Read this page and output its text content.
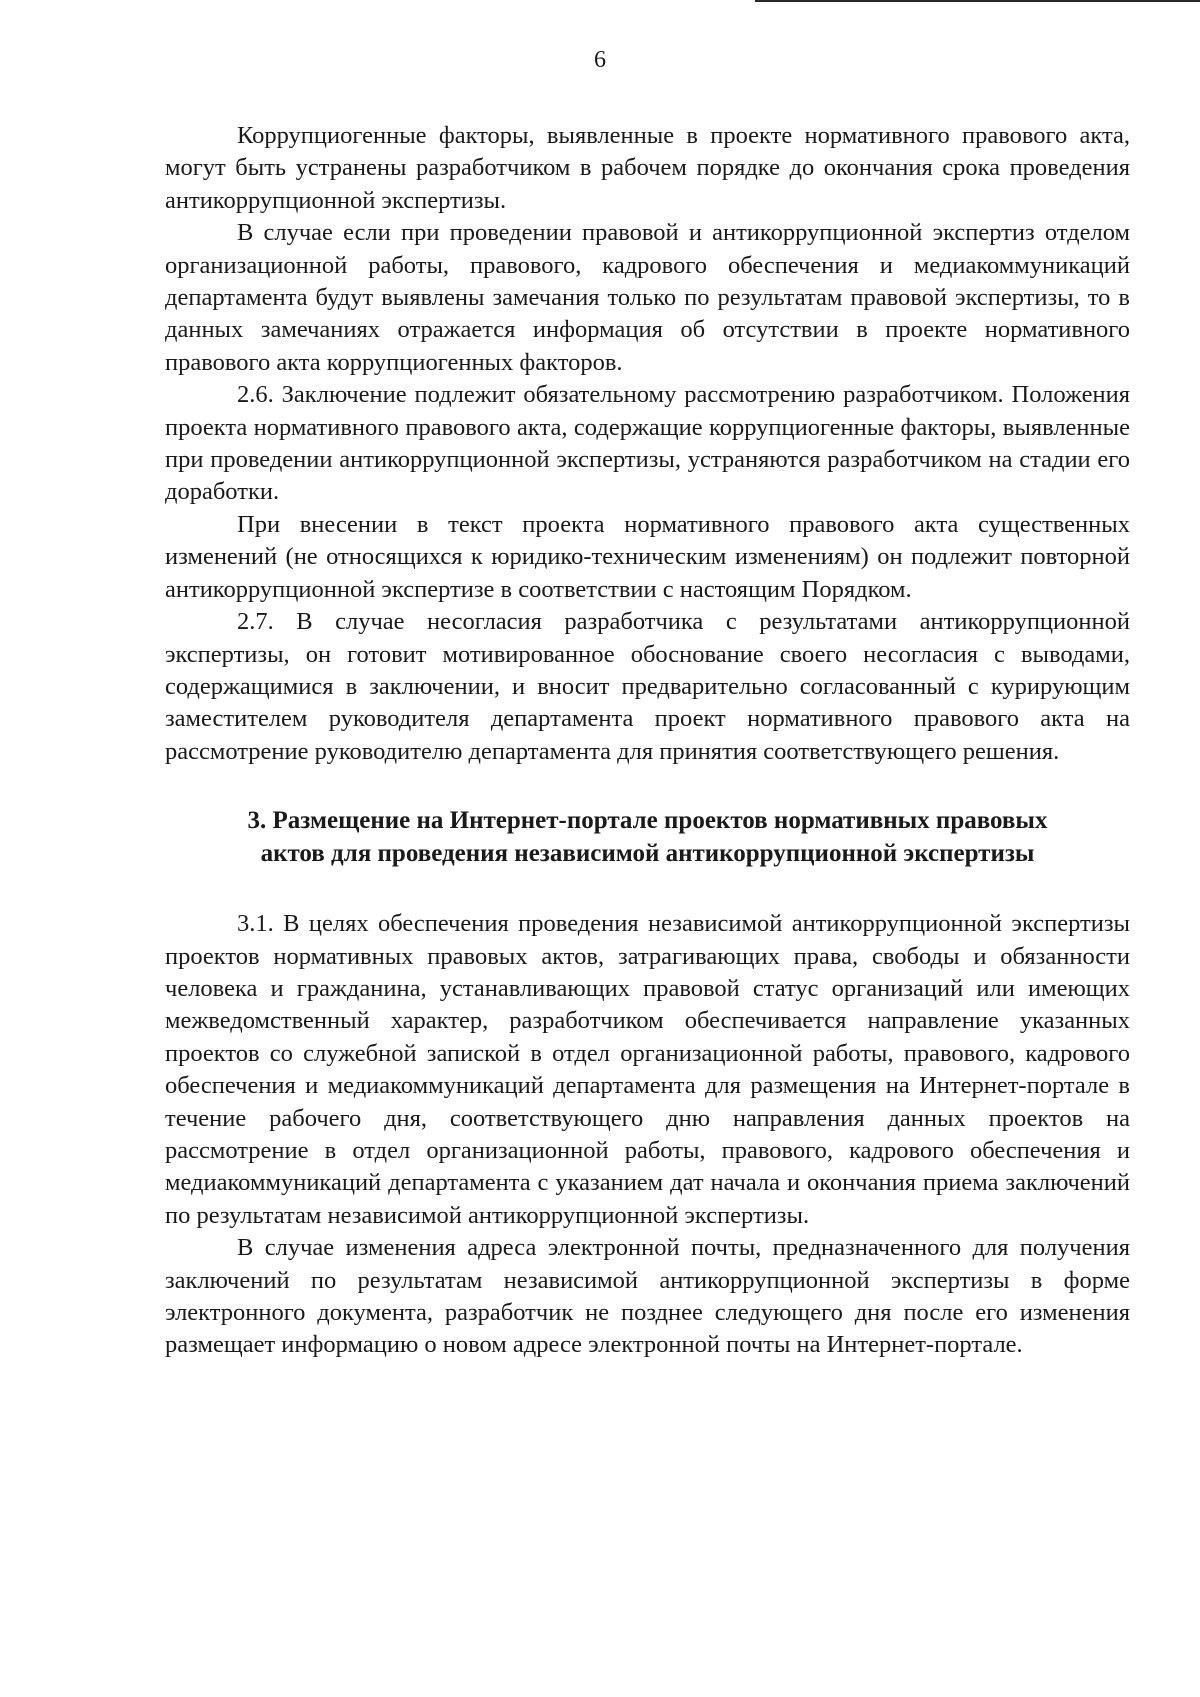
6

Коррупциогенные факторы, выявленные в проекте нормативного правового акта, могут быть устранены разработчиком в рабочем порядке до окончания срока проведения антикоррупционной экспертизы.

В случае если при проведении правовой и антикоррупционной экспертиз отделом организационной работы, правового, кадрового обеспечения и медиакоммуникаций департамента будут выявлены замечания только по результатам правовой экспертизы, то в данных замечаниях отражается информация об отсутствии в проекте нормативного правового акта коррупциогенных факторов.

2.6. Заключение подлежит обязательному рассмотрению разработчиком. Положения проекта нормативного правового акта, содержащие коррупциогенные факторы, выявленные при проведении антикоррупционной экспертизы, устраняются разработчиком на стадии его доработки.

При внесении в текст проекта нормативного правового акта существенных изменений (не относящихся к юридико-техническим изменениям) он подлежит повторной антикоррупционной экспертизе в соответствии с настоящим Порядком.

2.7. В случае несогласия разработчика с результатами антикоррупционной экспертизы, он готовит мотивированное обоснование своего несогласия с выводами, содержащимися в заключении, и вносит предварительно согласованный с курирующим заместителем руководителя департамента проект нормативного правового акта на рассмотрение руководителю департамента для принятия соответствующего решения.

3. Размещение на Интернет-портале проектов нормативных правовых актов для проведения независимой антикоррупционной экспертизы

3.1. В целях обеспечения проведения независимой антикоррупционной экспертизы проектов нормативных правовых актов, затрагивающих права, свободы и обязанности человека и гражданина, устанавливающих правовой статус организаций или имеющих межведомственный характер, разработчиком обеспечивается направление указанных проектов со служебной запиской в отдел организационной работы, правового, кадрового обеспечения и медиакоммуникаций департамента для размещения на Интернет-портале в течение рабочего дня, соответствующего дню направления данных проектов на рассмотрение в отдел организационной работы, правового, кадрового обеспечения и медиакоммуникаций департамента с указанием дат начала и окончания приема заключений по результатам независимой антикоррупционной экспертизы.

В случае изменения адреса электронной почты, предназначенного для получения заключений по результатам независимой антикоррупционной экспертизы в форме электронного документа, разработчик не позднее следующего дня после его изменения размещает информацию о новом адресе электронной почты на Интернет-портале.
